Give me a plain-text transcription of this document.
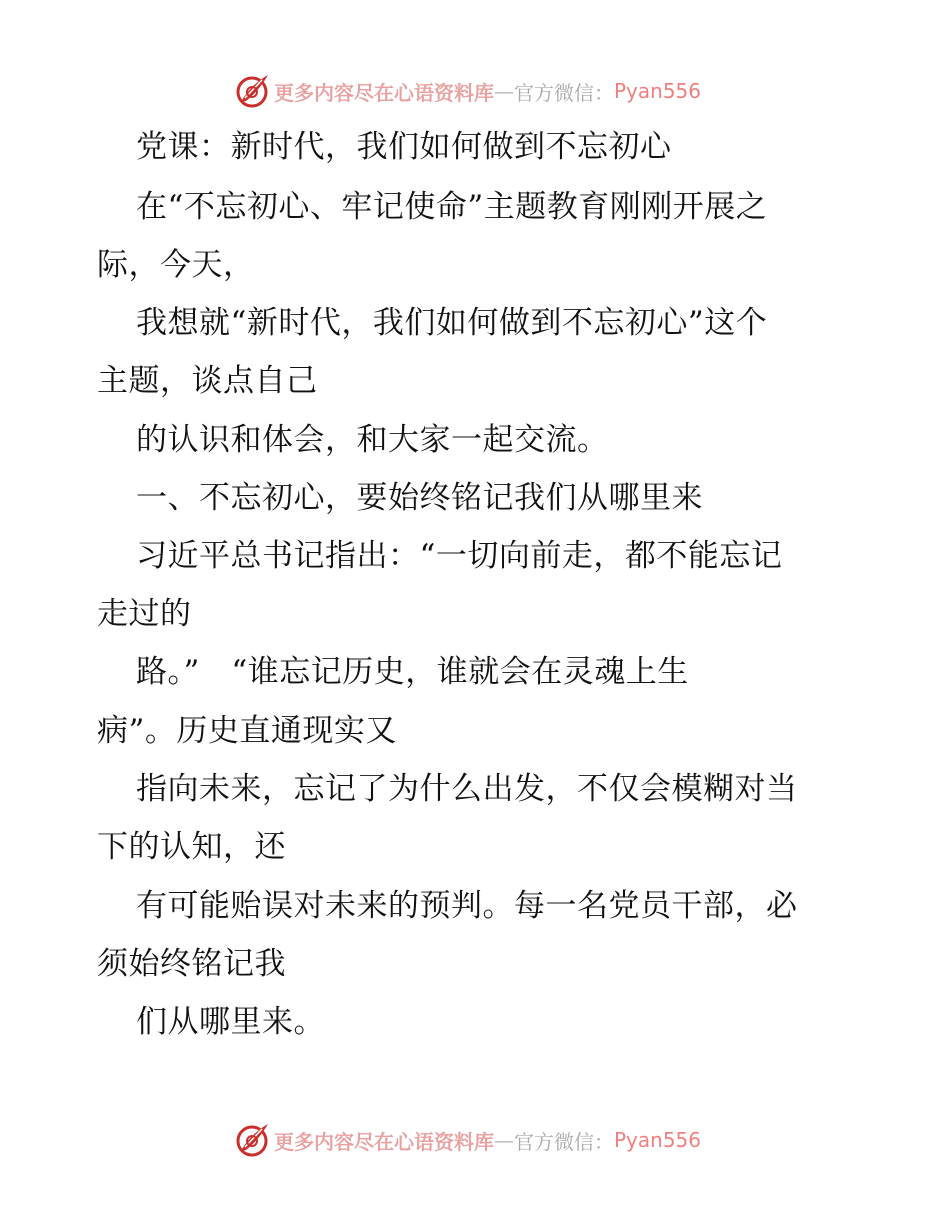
更多内容尽在心语资料库 — 官方微信： Pyan556
党课：新时代，我们如何做到不忘初心
在“不忘初心、牢记使命”主题教育刚刚开展之
际，今天，
我想就“新时代，我们如何做到不忘初心”这个
主题，谈点自己
的认识和体会，和大家一起交流。
一、不忘初心，要始终铭记我们从哪里来
习近平总书记指出：“一切向前走，都不能忘记
走过的
路。”　“谁忘记历史，谁就会在灵魂上生
病”。历史直通现实又
指向未来，忘记了为什么出发，不仅会模糊对当
下的认知，还
有可能贻误对未来的预判。每一名党员干部，必
须始终铭记我
们从哪里来。
更多内容尽在心语资料库 — 官方微信： Pyan556
